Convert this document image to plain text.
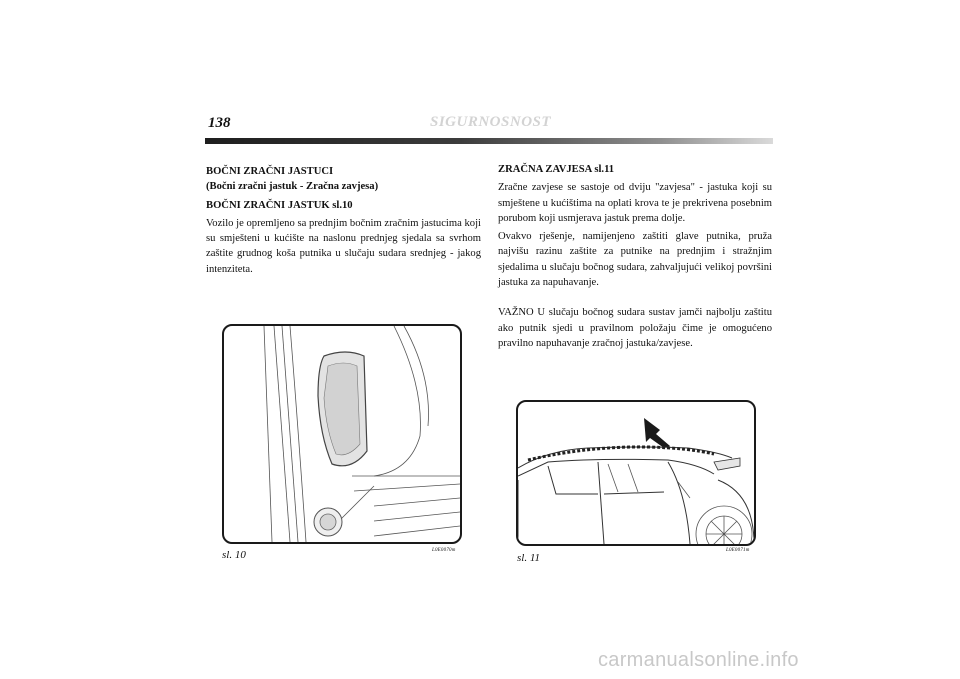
138	SIGURNOSNOST
BOČNI ZRAČNI JASTUCI
(Bočni zračni jastuk - Zračna zavjesa)
BOČNI ZRAČNI JASTUK sl.10

Vozilo je opremljeno sa prednjim bočnim zračnim jastucima koji su smješteni u kućište na naslonu prednjeg sjedala sa svrhom zaštite grudnog koša putnika u slučaju sudara srednjeg - jakog intenziteta.

ZRAČNA ZAVJESA sl.11

Zračne zavjese se sastoje od dviju "zavjesa" - jastuka koji su smještene u kućištima na oplati krova te je prekrivena posebnim porubom koji usmjerava jastuk prema dolje.

Ovakvo rješenje, namijenjeno zaštiti glave putnika, pruža najvišu razinu zaštite za putnike na prednjim i stražnjim sjedalima u slučaju bočnog sudara, zahvaljujući velikoj površini jastuka za napuhavanje.

VAŽNO U slučaju bočnog sudara sustav jamči najbolju zaštitu ako putnik sjedi u pravilnom položaju čime je omogućeno pravilno napuhavanje zračnoj jastuka/zavjese.

sl. 10	L0E0070m
sl. 11
L0E0071m
carmanualsonline.info
